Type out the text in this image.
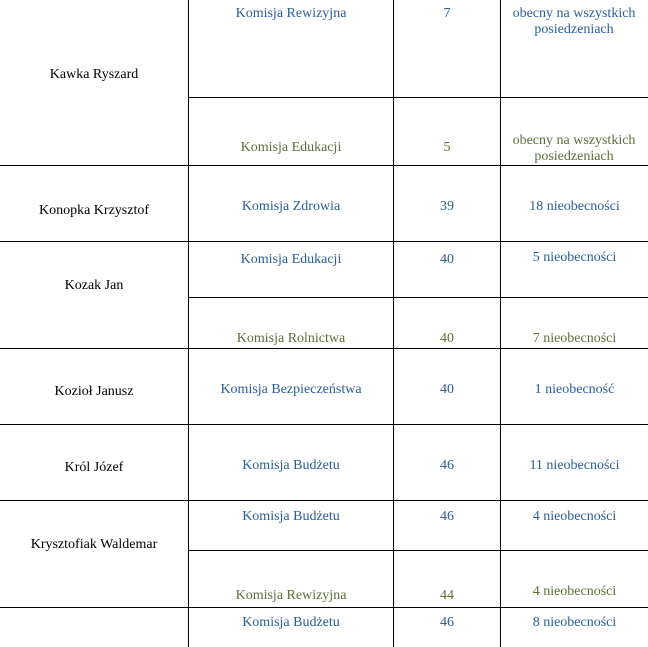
Kawka Ryszard
Komisja Rewizyjna	7	obecny na wszystkich posiedzeniach
Komisja Edukacji	5	obecny na wszystkich posiedzeniach
Konopka Krzysztof	Komisja Zdrowia	39	18 nieobecności
Kozak Jan
Komisja Edukacji	40	5 nieobecności
Komisja Rolnictwa	40	7 nieobecności
Kozioł Janusz	Komisja Bezpieczeństwa	40	1 nieobecność
Król Józef	Komisja Budżetu	46	11 nieobecności
Krysztofiak Waldemar
Komisja Budżetu	46	4 nieobecności
Komisja Rewizyjna	44	4 nieobecności
Komisja Budżetu	46	8 nieobecności
